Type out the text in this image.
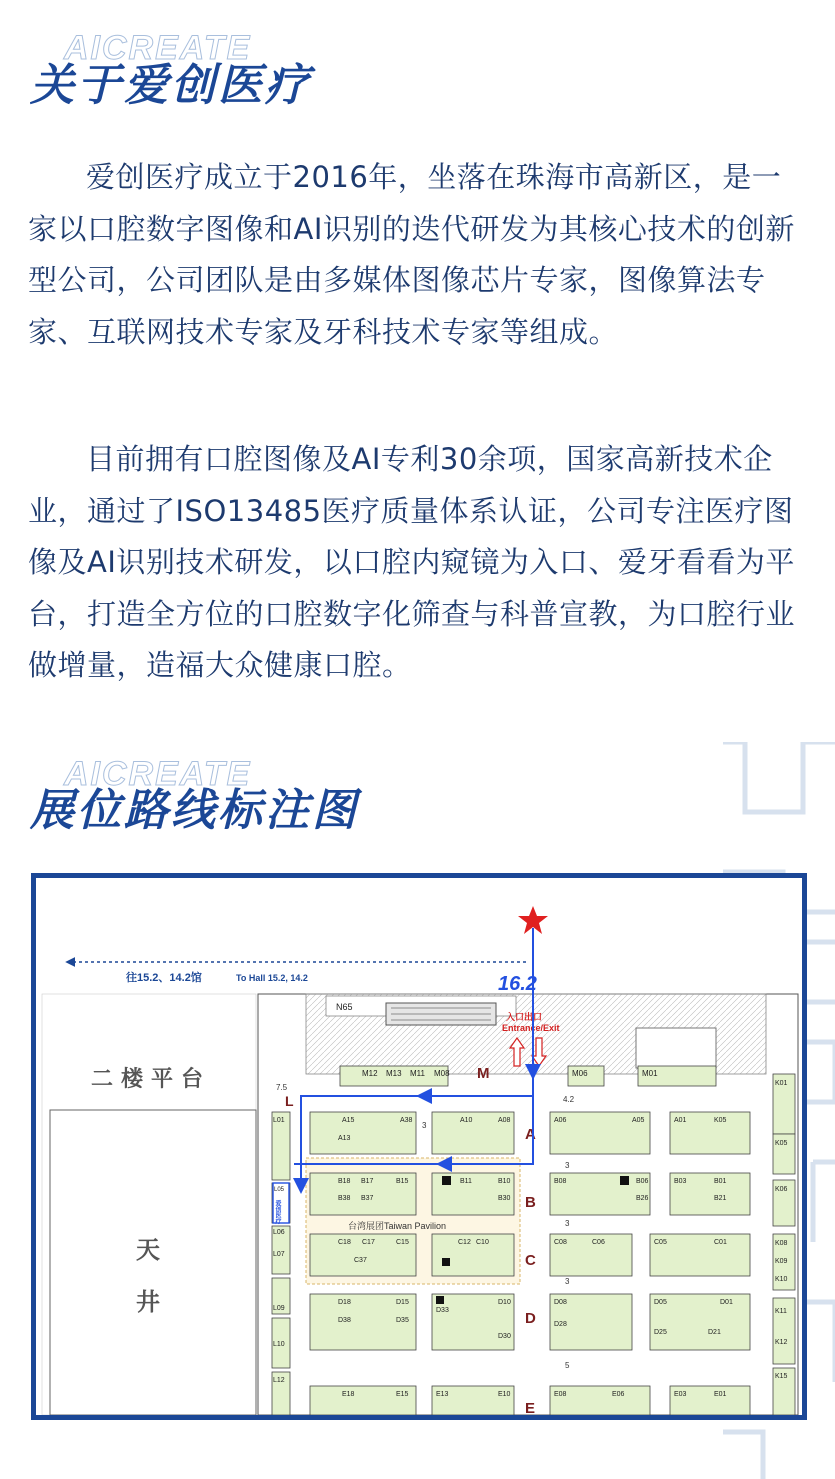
AICREATE
关于爱创医疗
爱创医疗成立于2016年，坐落在珠海市高新区，是一家以口腔数字图像和AI识别的迭代研发为其核心技术的创新型公司，公司团队是由多媒体图像芯片专家，图像算法专家、互联网技术专家及牙科技术专家等组成。
目前拥有口腔图像及AI专利30余项，国家高新技术企业，通过了ISO13485医疗质量体系认证，公司专注医疗图像及AI识别技术研发，以口腔内窥镜为入口、爱牙看看为平台，打造全方位的口腔数字化筛查与科普宣教，为口腔行业做增量，造福大众健康口腔。
AICREATE
展位路线标注图
往15.2、14.2馆	To Hall 15.2, 14.2
N65
二楼平台
天
井
M
A
B
C
D
E
L
7.5
3
4.2
3
3
3
5
M12 M13 M11 M08	M06	M01
K01
K05
K06
K08
K09
K10
K11
K12
K15
L01
L06
L07
L09
L10
L12
L05
爱创医疗
A15	A38
A13
A10	A08	A06	A05	A01	K05
台湾展团Taiwan Pavilion
B18 B17	B15
B38 B37
B11	B10
B30
B08	B06
B26
B03	B01
B21
C18 C17	C15
C37
C12 C10	C08	C06	C05	C01
D18	D15
D38	D35
D33
D10
D30
D08
D28
D05
D25
D01
D21
E18	E15	E13	E10	E08	E06	E03	E01
16.2
入口出口
Entrance/Exit
